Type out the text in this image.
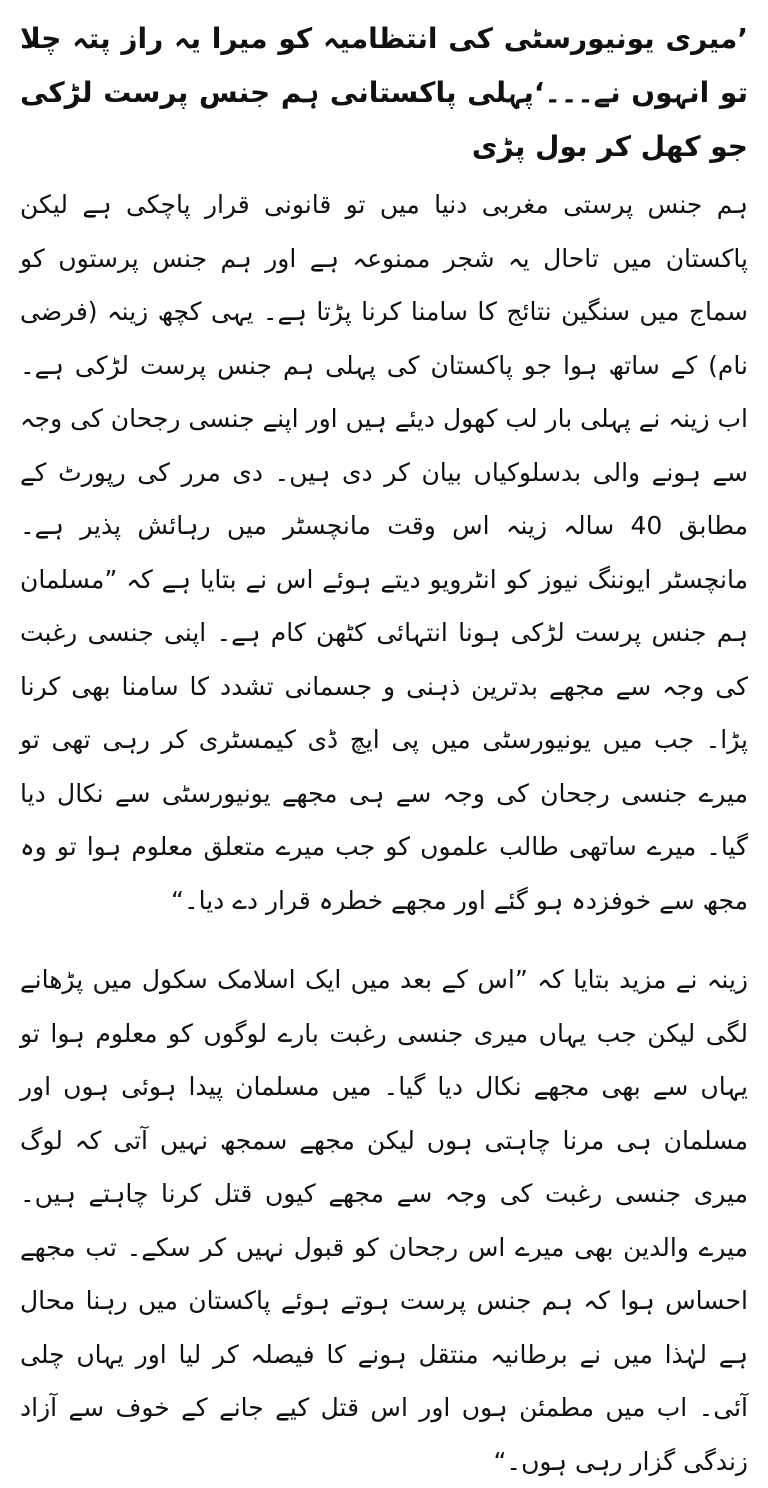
’میری یونیورسٹی کی انتظامیہ کو میرا یہ راز پتہ چلا تو انہوں نے۔۔۔‘پہلی پاکستانی ہم جنس پرست لڑکی جو کھل کر بول پڑی

ہم جنس پرستی مغربی دنیا میں تو قانونی قرار پاچکی ہے لیکن پاکستان میں تاحال یہ شجر ممنوعہ ہے اور ہم جنس پرستوں کو سماج میں سنگین نتائج کا سامنا کرنا پڑتا ہے۔ یہی کچھ زینہ (فرضی نام) کے ساتھ ہوا جو پاکستان کی پہلی ہم جنس پرست لڑکی ہے۔ اب زینہ نے پہلی بار لب کھول دیئے ہیں اور اپنے جنسی رجحان کی وجہ سے ہونے والی بدسلوکیاں بیان کر دی ہیں۔ دی مرر کی رپورٹ کے مطابق 40 سالہ زینہ اس وقت مانچسٹر میں رہائش پذیر ہے۔ مانچسٹر ایوننگ نیوز کو انٹرویو دیتے ہوئے اس نے بتایا ہے کہ ”مسلمان ہم جنس پرست لڑکی ہونا انتہائی کٹھن کام ہے۔ اپنی جنسی رغبت کی وجہ سے مجھے بدترین ذہنی و جسمانی تشدد کا سامنا بھی کرنا پڑا۔ جب میں یونیورسٹی میں پی ایچ ڈی کیمسٹری کر رہی تھی تو میرے جنسی رجحان کی وجہ سے ہی مجھے یونیورسٹی سے نکال دیا گیا۔ میرے ساتھی طالب علموں کو جب میرے متعلق معلوم ہوا تو وہ مجھ سے خوفزدہ ہو گئے اور مجھے خطرہ قرار دے دیا۔“

زینہ نے مزید بتایا کہ ”اس کے بعد میں ایک اسلامک سکول میں پڑھانے لگی لیکن جب یہاں میری جنسی رغبت بارے لوگوں کو معلوم ہوا تو یہاں سے بھی مجھے نکال دیا گیا۔ میں مسلمان پیدا ہوئی ہوں اور مسلمان ہی مرنا چاہتی ہوں لیکن مجھے سمجھ نہیں آتی کہ لوگ میری جنسی رغبت کی وجہ سے مجھے کیوں قتل کرنا چاہتے ہیں۔ میرے والدین بھی میرے اس رجحان کو قبول نہیں کر سکے۔ تب مجھے احساس ہوا کہ ہم جنس پرست ہوتے ہوئے پاکستان میں رہنا محال ہے لہٰذا میں نے برطانیہ منتقل ہونے کا فیصلہ کر لیا اور یہاں چلی آئی۔ اب میں مطمئن ہوں اور اس قتل کیے جانے کے خوف سے آزاد زندگی گزار رہی ہوں۔“
